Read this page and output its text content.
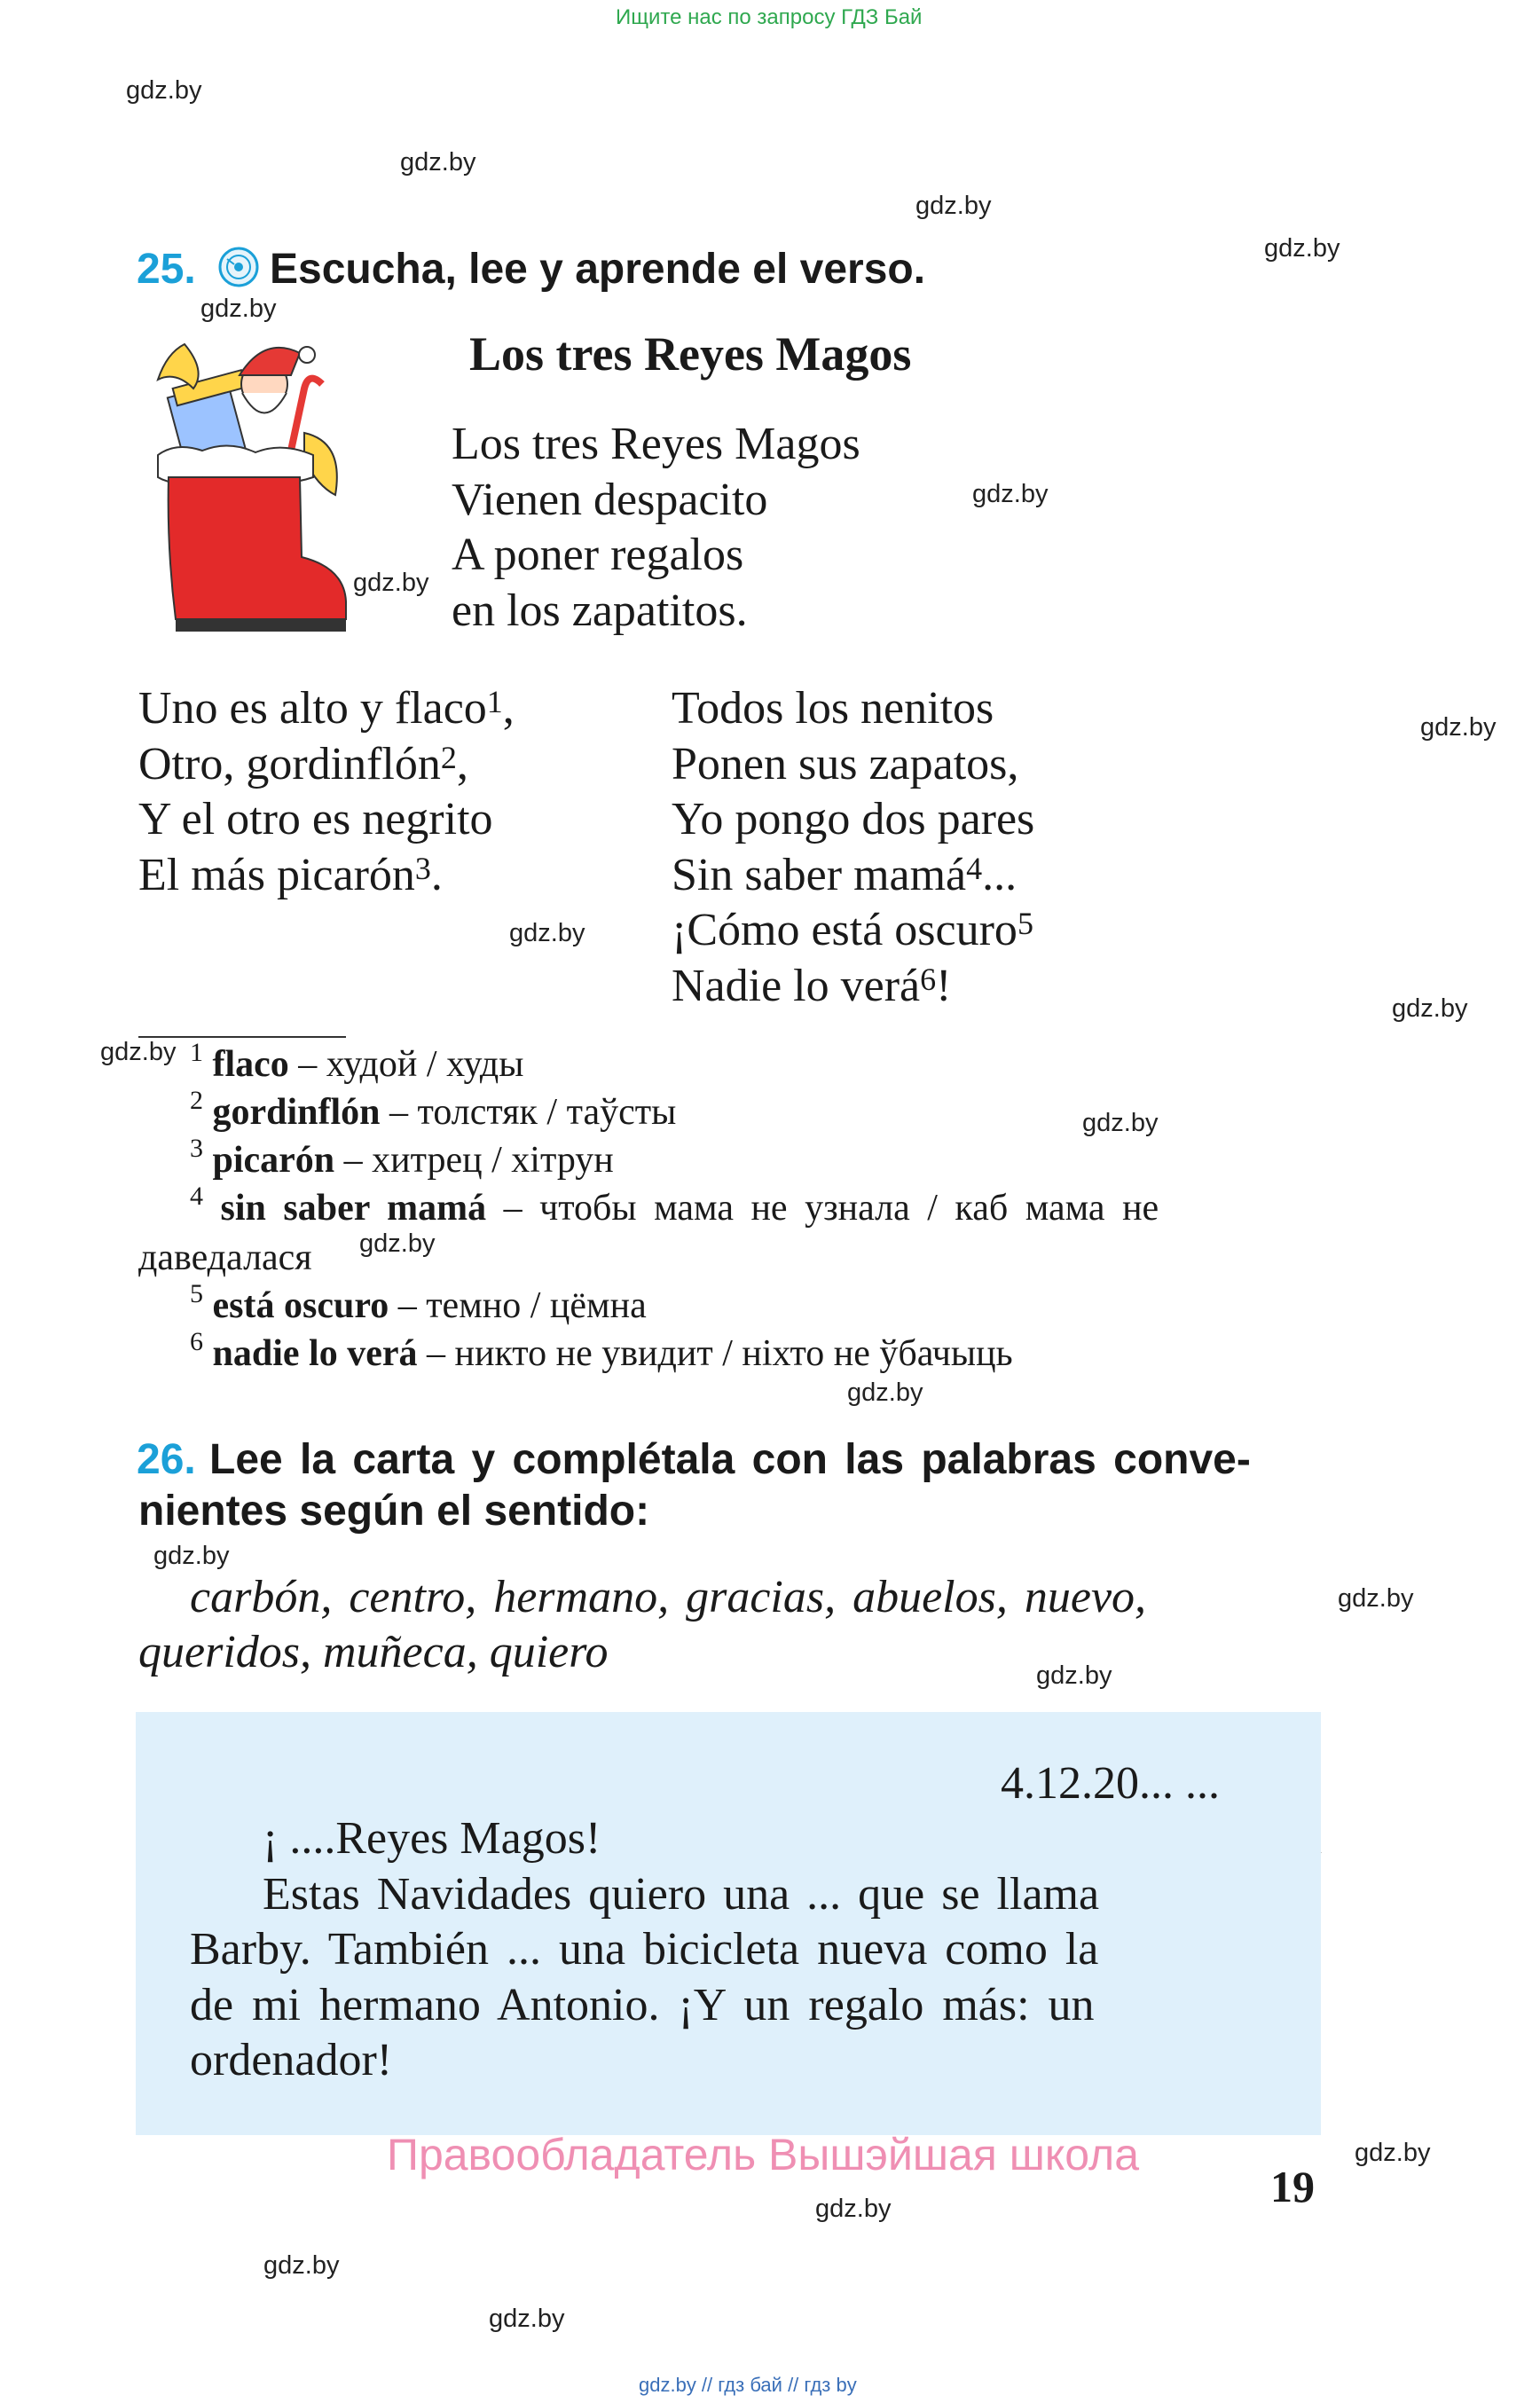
Ищите нас по запросу ГДЗ Бай
gdz.by
gdz.by
gdz.by
gdz.by
gdz.by
gdz.by
gdz.by
gdz.by
gdz.by
gdz.by
gdz.by
gdz.by
gdz.by
gdz.by
gdz.by
gdz.by
gdz.by
gdz.by
gdz.by
gdz.by
gdz.by
25. Escucha, lee y aprende el verso.
Los tres Reyes Magos
Los tres Reyes Magos
Vienen despacito
A poner regalos
en los zapatitos.
Uno es alto y flaco$^1$,
Otro, gordinflón$^2$,
Y el otro es negrito
El más picarón$^3$.
Todos los nenitos
Ponen sus zapatos,
Yo pongo dos pares
Sin saber mamá$^4$...
¡Cómo está oscuro$^5$
Nadie lo verá$^6$!
$^1$ flaco – худой / худы
$^2$ gordinflón – толстяк / таўсты
$^3$ picarón – хитрец / хітрун
$^4$ sin saber mamá – чтобы мама не узнала / каб мама не
даведалася
$^5$ está oscuro – темно / цёмна
$^6$ nadie lo verá – никто не увидит / ніхто не ўбачыць
26. Lee la carta y complétala con las palabras conve-
nientes según el sentido:
carbón, centro, hermano, gracias, abuelos, nuevo,
queridos, muñeca, quiero
4.12.20... ...
¡ ....Reyes Magos!
Estas Navidades quiero una ... que se llama
Barby. También ... una bicicleta nueva como la
de mi hermano Antonio. ¡Y un regalo más: un
ordenador!
Правообладатель Вышэйшая школа
19
gdz.by // гдз бай // гдз by
